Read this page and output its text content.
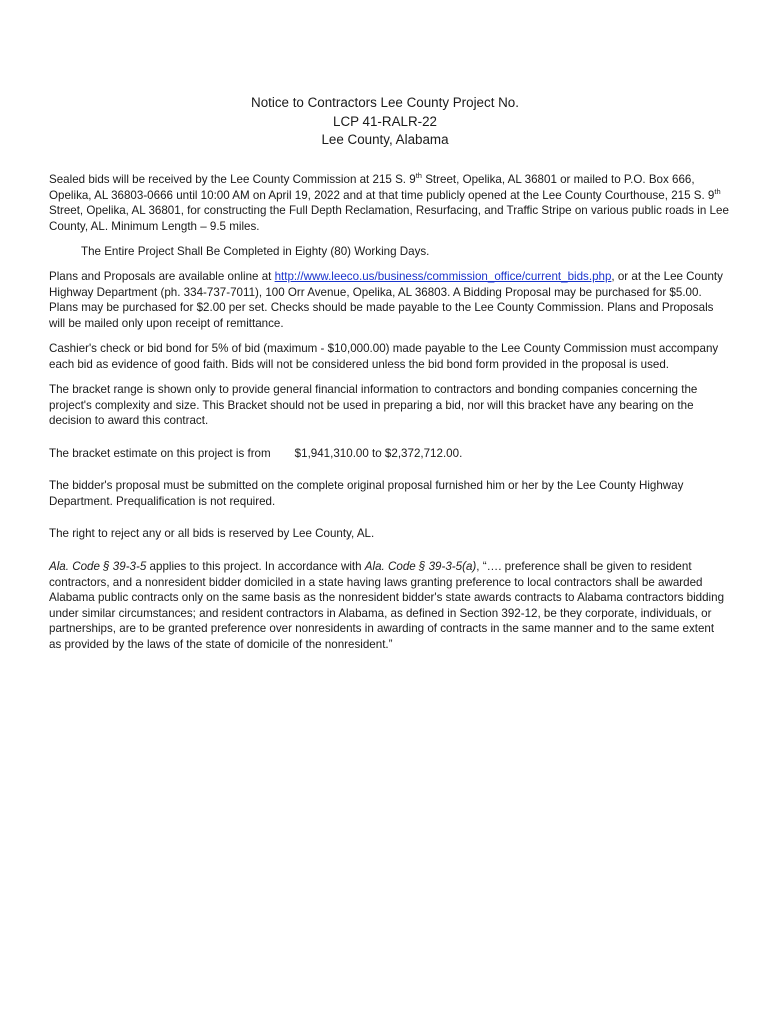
Notice to Contractors Lee County Project No.
LCP 41-RALR-22
Lee County, Alabama

Sealed bids will be received by the Lee County Commission at 215 S. 9th Street, Opelika, AL 36801 or mailed to P.O. Box 666, Opelika, AL 36803-0666 until 10:00 AM on April 19, 2022 and at that time publicly opened at the Lee County Courthouse, 215 S. 9th Street, Opelika, AL 36801, for constructing the Full Depth Reclamation, Resurfacing, and Traffic Stripe on various public roads in Lee County, AL. Minimum Length – 9.5 miles.

The Entire Project Shall Be Completed in Eighty (80) Working Days.

Plans and Proposals are available online at http://www.leeco.us/business/commission_office/current_bids.php, or at the Lee County Highway Department (ph. 334-737-7011), 100 Orr Avenue, Opelika, AL 36803. A Bidding Proposal may be purchased for $5.00. Plans may be purchased for $2.00 per set. Checks should be made payable to the Lee County Commission. Plans and Proposals will be mailed only upon receipt of remittance.

Cashier's check or bid bond for 5% of bid (maximum - $10,000.00) made payable to the Lee County Commission must accompany each bid as evidence of good faith. Bids will not be considered unless the bid bond form provided in the proposal is used.

The bracket range is shown only to provide general financial information to contractors and bonding companies concerning the project's complexity and size. This Bracket should not be used in preparing a bid, nor will this bracket have any bearing on the decision to award this contract.

The bracket estimate on this project is from $1,941,310.00 to $2,372,712.00.

The bidder's proposal must be submitted on the complete original proposal furnished him or her by the Lee County Highway Department. Prequalification is not required.

The right to reject any or all bids is reserved by Lee County, AL.

Ala. Code § 39-3-5 applies to this project. In accordance with Ala. Code § 39-3-5(a), “…. preference shall be given to resident contractors, and a nonresident bidder domiciled in a state having laws granting preference to local contractors shall be awarded Alabama public contracts only on the same basis as the nonresident bidder's state awards contracts to Alabama contractors bidding under similar circumstances; and resident contractors in Alabama, as defined in Section 392-12, be they corporate, individuals, or partnerships, are to be granted preference over nonresidents in awarding of contracts in the same manner and to the same extent as provided by the laws of the state of domicile of the nonresident.”
